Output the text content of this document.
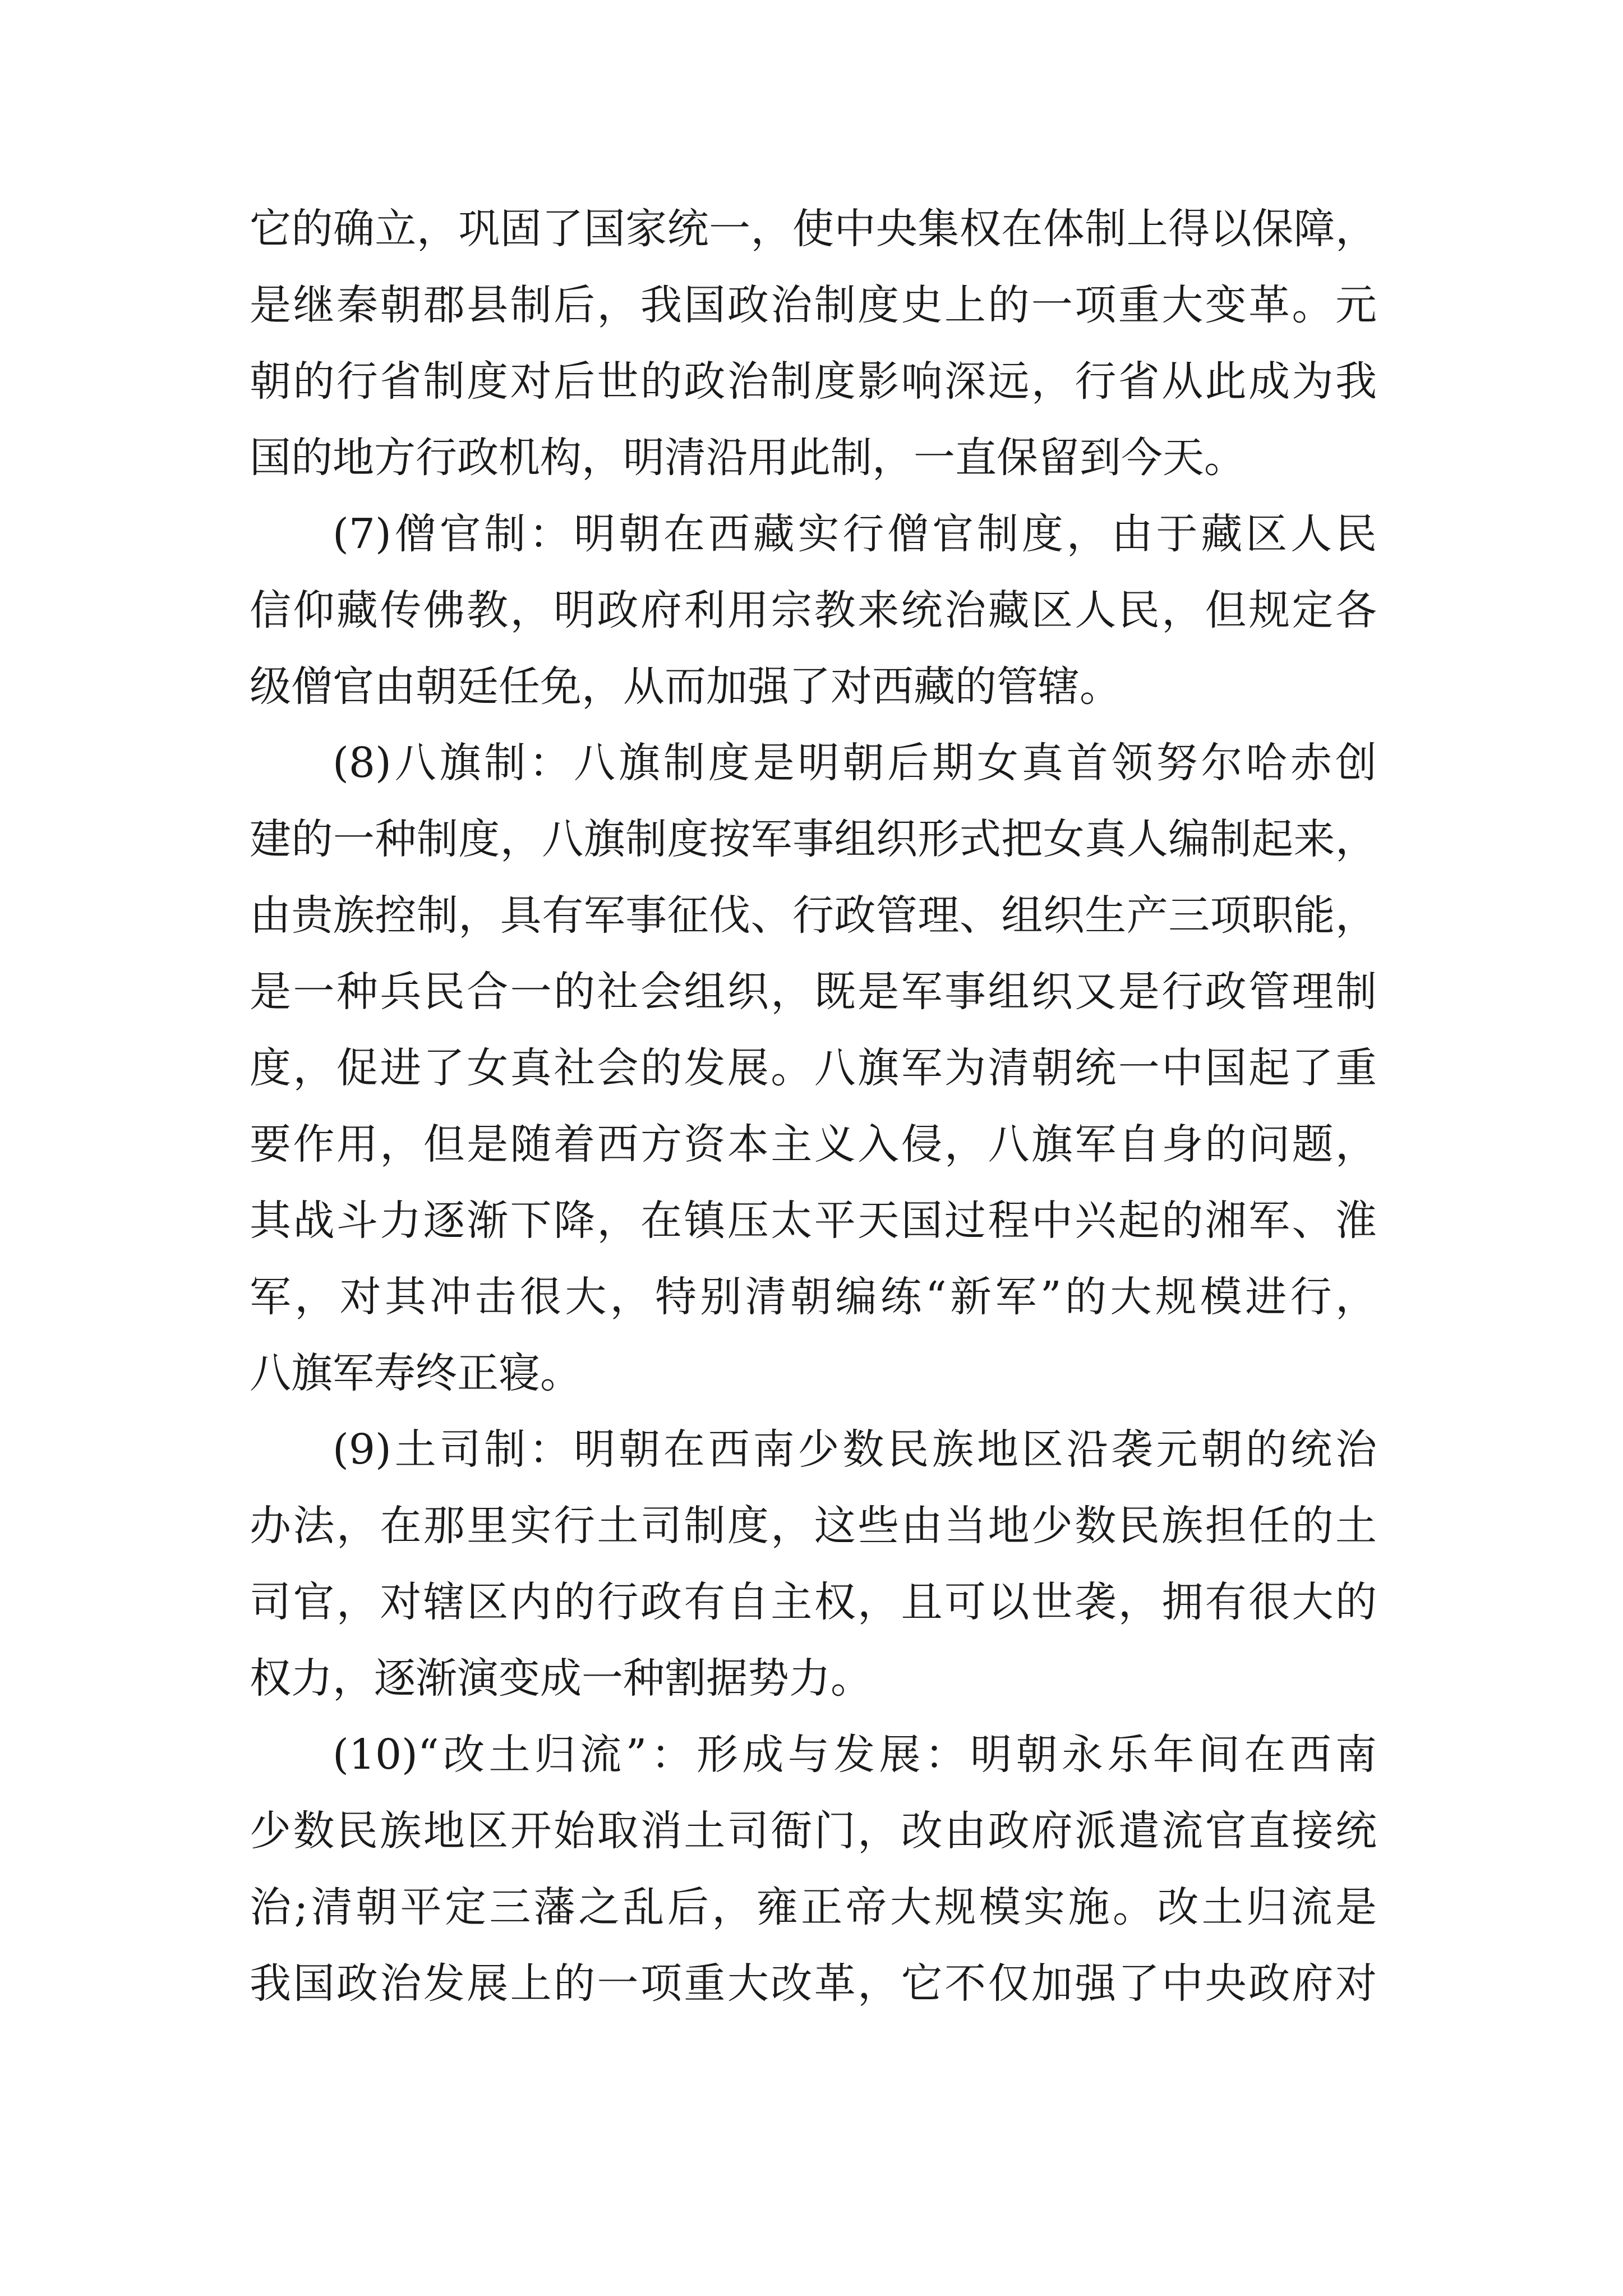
它的确立，巩固了国家统一，使中央集权在体制上得以保障，
是继秦朝郡县制后，我国政治制度史上的一项重大变革。元
朝的行省制度对后世的政治制度影响深远，行省从此成为我
国的地方行政机构，明清沿用此制，一直保留到今天。
(7)僧官制：明朝在西藏实行僧官制度，由于藏区人民
信仰藏传佛教，明政府利用宗教来统治藏区人民，但规定各
级僧官由朝廷任免，从而加强了对西藏的管辖。
(8)八旗制：八旗制度是明朝后期女真首领努尔哈赤创
建的一种制度，八旗制度按军事组织形式把女真人编制起来，
由贵族控制，具有军事征伐、行政管理、组织生产三项职能，
是一种兵民合一的社会组织，既是军事组织又是行政管理制
度，促进了女真社会的发展。八旗军为清朝统一中国起了重
要作用，但是随着西方资本主义入侵，八旗军自身的问题，
其战斗力逐渐下降，在镇压太平天国过程中兴起的湘军、淮
军，对其冲击很大，特别清朝编练“新军”的大规模进行，
八旗军寿终正寝。
(9)土司制：明朝在西南少数民族地区沿袭元朝的统治
办法，在那里实行土司制度，这些由当地少数民族担任的土
司官，对辖区内的行政有自主权，且可以世袭，拥有很大的
权力，逐渐演变成一种割据势力。
(10)“改土归流”：形成与发展：明朝永乐年间在西南
少数民族地区开始取消土司衙门，改由政府派遣流官直接统
治;清朝平定三藩之乱后，雍正帝大规模实施。改土归流是
我国政治发展上的一项重大改革，它不仅加强了中央政府对
